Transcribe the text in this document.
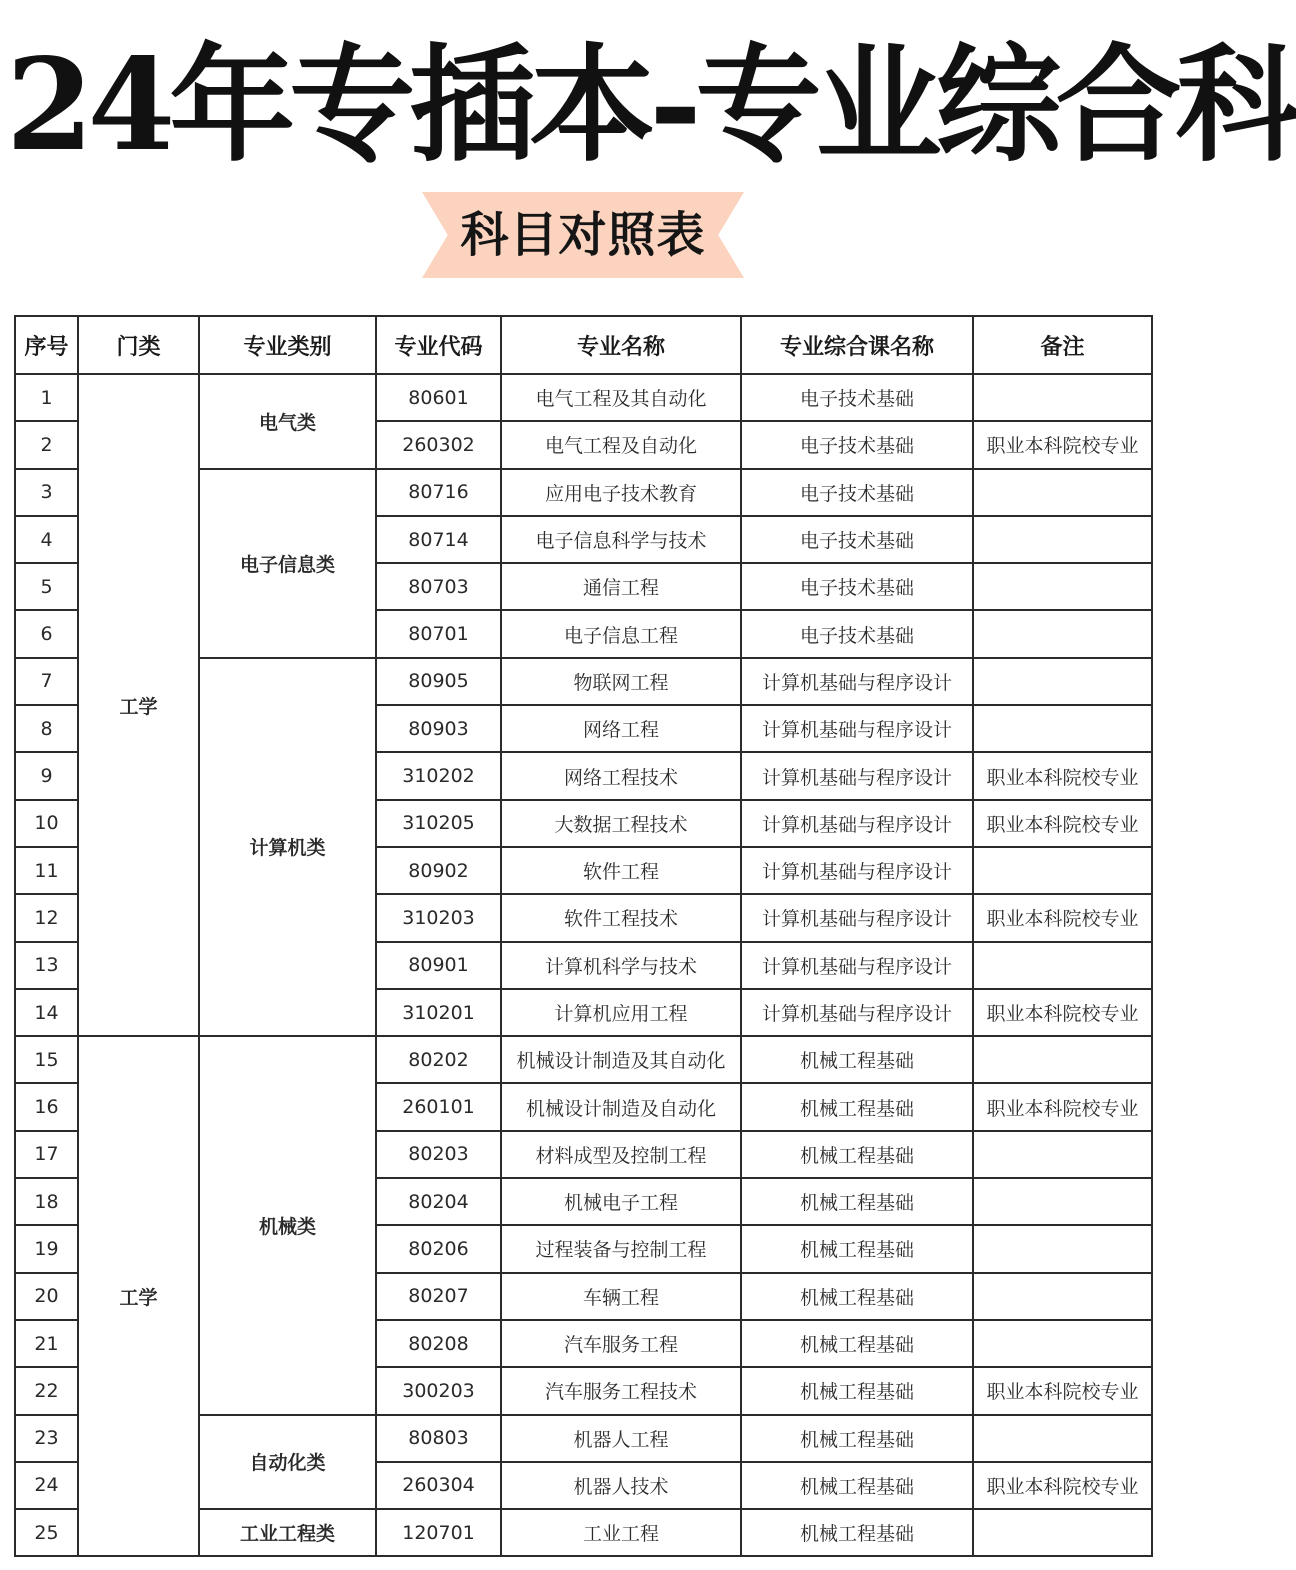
24年专插本-专业综合科
科目对照表
序号	门类	专业类别	专业代码	专业名称	专业综合课名称	备注
1	工学	电气类	80601	电气工程及其自动化	电子技术基础	
2			260302	电气工程及自动化	电子技术基础	职业本科院校专业
3		电子信息类	80716	应用电子技术教育	电子技术基础	
4			80714	电子信息科学与技术	电子技术基础	
5			80703	通信工程	电子技术基础	
6			80701	电子信息工程	电子技术基础	
7		计算机类	80905	物联网工程	计算机基础与程序设计	
8			80903	网络工程	计算机基础与程序设计	
9			310202	网络工程技术	计算机基础与程序设计	职业本科院校专业
10			310205	大数据工程技术	计算机基础与程序设计	职业本科院校专业
11			80902	软件工程	计算机基础与程序设计	
12			310203	软件工程技术	计算机基础与程序设计	职业本科院校专业
13			80901	计算机科学与技术	计算机基础与程序设计	
14			310201	计算机应用工程	计算机基础与程序设计	职业本科院校专业
15	工学	机械类	80202	机械设计制造及其自动化	机械工程基础	
16			260101	机械设计制造及自动化	机械工程基础	职业本科院校专业
17			80203	材料成型及控制工程	机械工程基础	
18			80204	机械电子工程	机械工程基础	
19			80206	过程装备与控制工程	机械工程基础	
20			80207	车辆工程	机械工程基础	
21			80208	汽车服务工程	机械工程基础	
22			300203	汽车服务工程技术	机械工程基础	职业本科院校专业
23		自动化类	80803	机器人工程	机械工程基础	
24			260304	机器人技术	机械工程基础	职业本科院校专业
25		工业工程类	120701	工业工程	机械工程基础	
